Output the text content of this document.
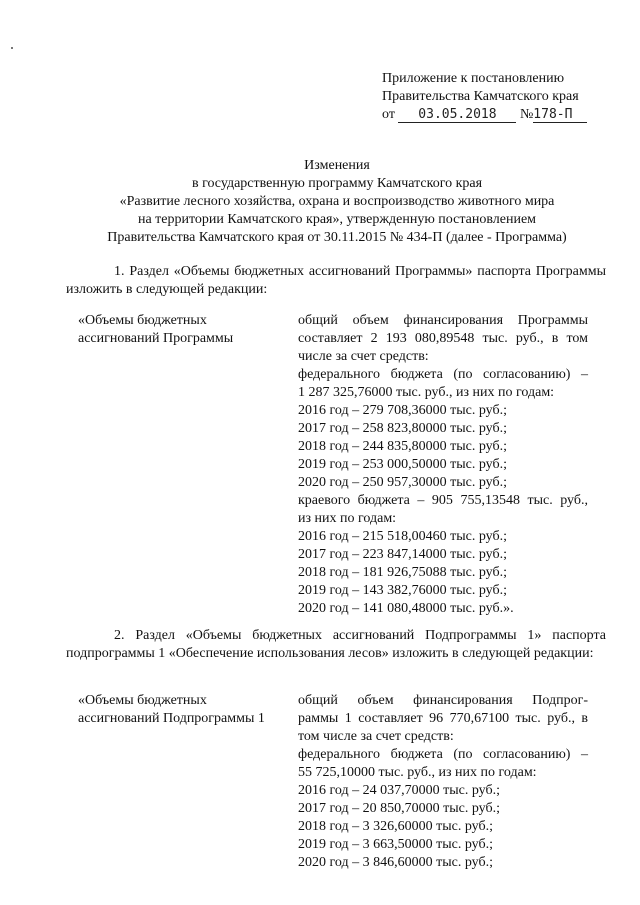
Приложение к постановлению
Правительства Камчатского края
от 03.05.2018 №178-П
Изменения
в государственную программу Камчатского края
«Развитие лесного хозяйства, охрана и воспроизводство животного мира
на территории Камчатского края», утвержденную постановлением
Правительства Камчатского края от 30.11.2015 № 434-П (далее - Программа)
1. Раздел «Объемы бюджетных ассигнований Программы» паспорта Программы изложить в следующей редакции:
«Объемы бюджетных
ассигнований Программы
общий объем финансирования Программы
составляет 2 193 080,89548 тыс. руб., в том
числе за счет средств:
федерального бюджета (по согласованию) –
1 287 325,76000 тыс. руб., из них по годам:
2016 год – 279 708,36000 тыс. руб.;
2017 год – 258 823,80000 тыс. руб.;
2018 год – 244 835,80000 тыс. руб.;
2019 год – 253 000,50000 тыс. руб.;
2020 год – 250 957,30000 тыс. руб.;
краевого бюджета – 905 755,13548 тыс. руб.,
из них по годам:
2016 год – 215 518,00460 тыс. руб.;
2017 год – 223 847,14000 тыс. руб.;
2018 год – 181 926,75088 тыс. руб.;
2019 год – 143 382,76000 тыс. руб.;
2020 год – 141 080,48000 тыс. руб.».
2. Раздел «Объемы бюджетных ассигнований Подпрограммы 1» паспорта подпрограммы 1 «Обеспечение использования лесов» изложить в следующей редакции:
«Объемы бюджетных
ассигнований Подпрограммы 1
общий объем финансирования Подпрог-
раммы 1 составляет 96 770,67100 тыс. руб., в
том числе за счет средств:
федерального бюджета (по согласованию) –
55 725,10000 тыс. руб., из них по годам:
2016 год – 24 037,70000 тыс. руб.;
2017 год – 20 850,70000 тыс. руб.;
2018 год – 3 326,60000 тыс. руб.;
2019 год – 3 663,50000 тыс. руб.;
2020 год – 3 846,60000 тыс. руб.;
